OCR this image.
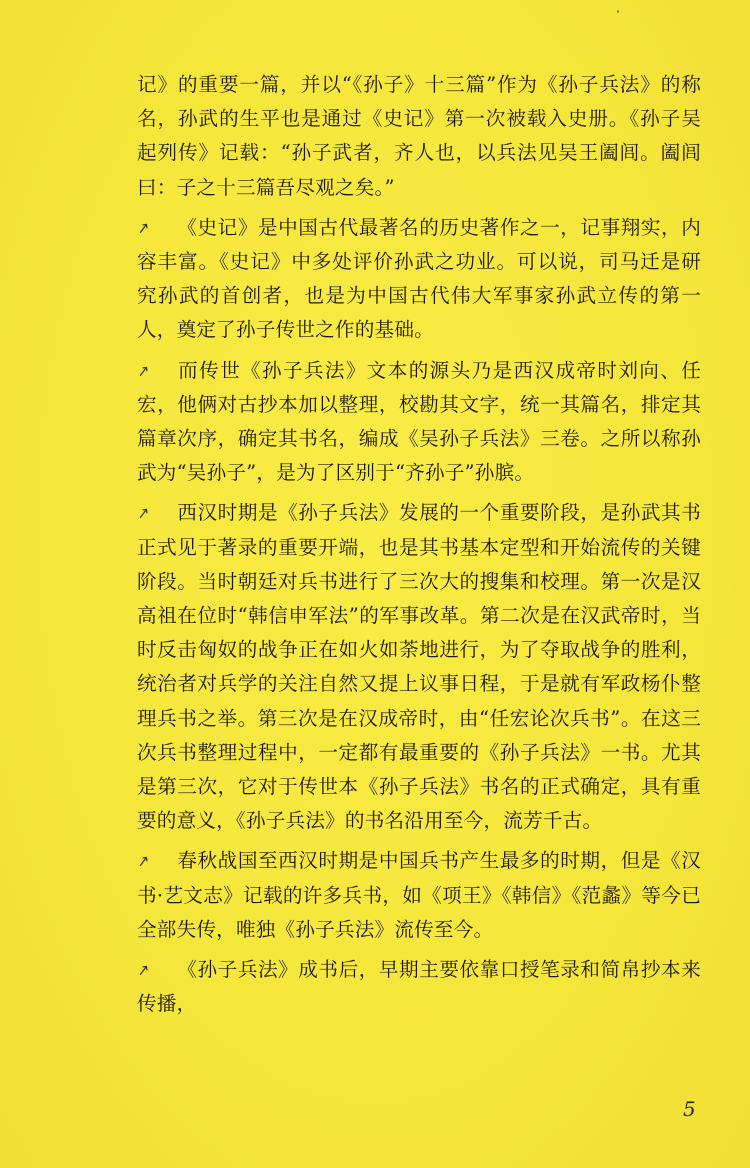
记》的重要一篇，并以“《孙子》十三篇”作为《孙子兵法》的称名，孙武的生平也是通过《史记》第一次被载入史册。《孙子吴起列传》记载：“孙子武者，齐人也，以兵法见吴王阖闾。阖闾曰：子之十三篇吾尽观之矣。”

↗ 《史记》是中国古代最著名的历史著作之一，记事翔实，内容丰富。《史记》中多处评价孙武之功业。可以说，司马迁是研究孙武的首创者，也是为中国古代伟大军事家孙武立传的第一人，奠定了孙子传世之作的基础。

↗ 而传世《孙子兵法》文本的源头乃是西汉成帝时刘向、任宏，他俩对古抄本加以整理，校勘其文字，统一其篇名，排定其篇章次序，确定其书名，编成《吴孙子兵法》三卷。之所以称孙武为“吴孙子”，是为了区别于“齐孙子”孙膑。

↗ 西汉时期是《孙子兵法》发展的一个重要阶段，是孙武其书正式见于著录的重要开端，也是其书基本定型和开始流传的关键阶段。当时朝廷对兵书进行了三次大的搜集和校理。第一次是汉高祖在位时“韩信申军法”的军事改革。第二次是在汉武帝时，当时反击匈奴的战争正在如火如荼地进行，为了夺取战争的胜利，统治者对兵学的关注自然又提上议事日程，于是就有军政杨仆整理兵书之举。第三次是在汉成帝时，由“任宏论次兵书”。在这三次兵书整理过程中，一定都有最重要的《孙子兵法》一书。尤其是第三次，它对于传世本《孙子兵法》书名的正式确定，具有重要的意义，《孙子兵法》的书名沿用至今，流芳千古。

↗ 春秋战国至西汉时期是中国兵书产生最多的时期，但是《汉书·艺文志》记载的许多兵书，如《项王》《韩信》《范蠡》等今已全部失传，唯独《孙子兵法》流传至今。

↗ 《孙子兵法》成书后，早期主要依靠口授笔录和简帛抄本来传播，

5
